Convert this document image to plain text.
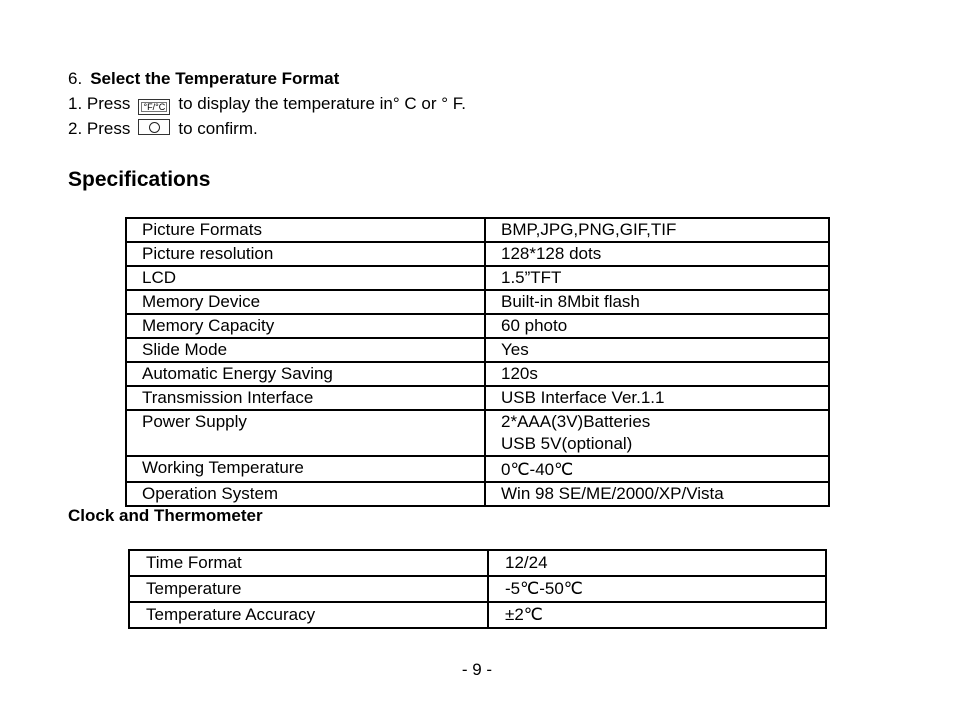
6. Select the Temperature Format
1. Press °F/°C to display the temperature in° C or ° F.
2. Press	to confirm.
Specifications
Picture Formats	BMP,JPG,PNG,GIF,TIF
Picture resolution	128*128 dots
LCD	1.5”TFT
Memory Device	Built-in 8Mbit flash
Memory Capacity	60 photo
Slide Mode	Yes
Automatic Energy Saving	120s
Transmission Interface	USB Interface Ver.1.1
Power Supply	2*AAA(3V)Batteries
USB 5V(optional)

Working Temperature	0℃-40℃
Operation System	Win 98 SE/ME/2000/XP/Vista
Clock and Thermometer
Time Format	12/24
Temperature	-5℃-50℃
Temperature Accuracy	±2℃
- 9 -
